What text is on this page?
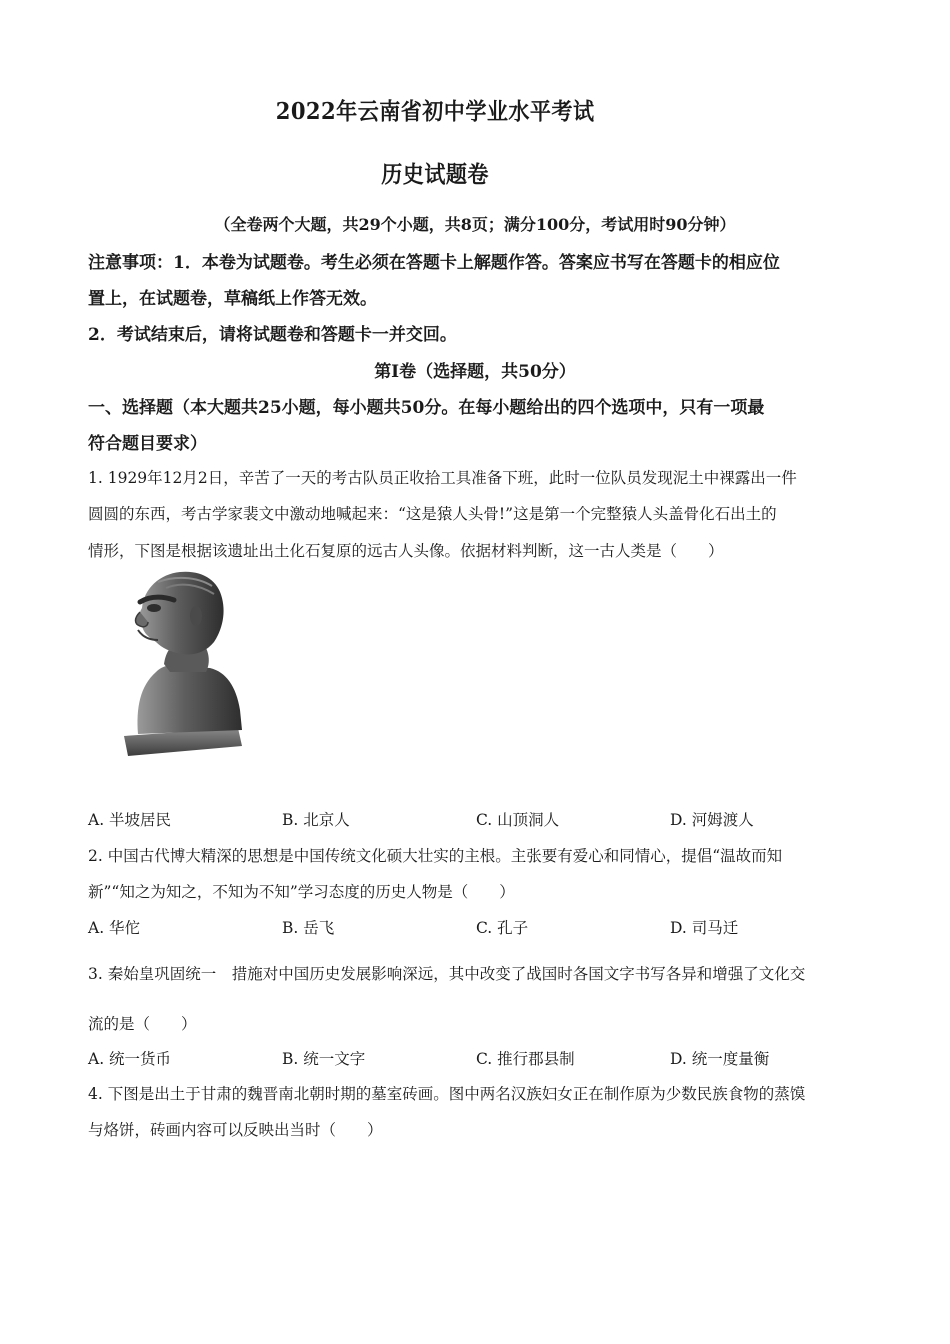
2022年云南省初中学业水平考试
历史试题卷
（全卷两个大题，共29个小题，共8页；满分100分，考试用时90分钟）
注意事项：1．本卷为试题卷。考生必须在答题卡上解题作答。答案应书写在答题卡的相应位
置上，在试题卷，草稿纸上作答无效。
2．考试结束后，请将试题卷和答题卡一并交回。
第Ⅰ卷（选择题，共50分）
一、选择题（本大题共25小题，每小题共50分。在每小题给出的四个选项中，只有一项最
符合题目要求）
1. 1929年12月2日，辛苦了一天的考古队员正收拾工具准备下班，此时一位队员发现泥土中裸露出一件
圆圆的东西，考古学家裴文中激动地喊起来：“这是猿人头骨!”这是第一个完整猿人头盖骨化石出土的
情形，下图是根据该遗址出土化石复原的远古人头像。依据材料判断，这一古人类是（　　）
A. 半坡居民	B. 北京人	C. 山顶洞人	D. 河姆渡人
2. 中国古代博大精深的思想是中国传统文化硕大壮实的主根。主张要有爱心和同情心，提倡“温故而知
新”“知之为知之，不知为不知”学习态度的历史人物是（　　）
A. 华佗	B. 岳飞	C. 孔子	D. 司马迁
3. 秦始皇巩固统一　措施对中国历史发展影响深远，其中改变了战国时各国文字书写各异和增强了文化交
流的是（　　）
A. 统一货币	B. 统一文字	C. 推行郡县制	D. 统一度量衡
4. 下图是出土于甘肃的魏晋南北朝时期的墓室砖画。图中两名汉族妇女正在制作原为少数民族食物的蒸馍
与烙饼，砖画内容可以反映出当时（　　）
